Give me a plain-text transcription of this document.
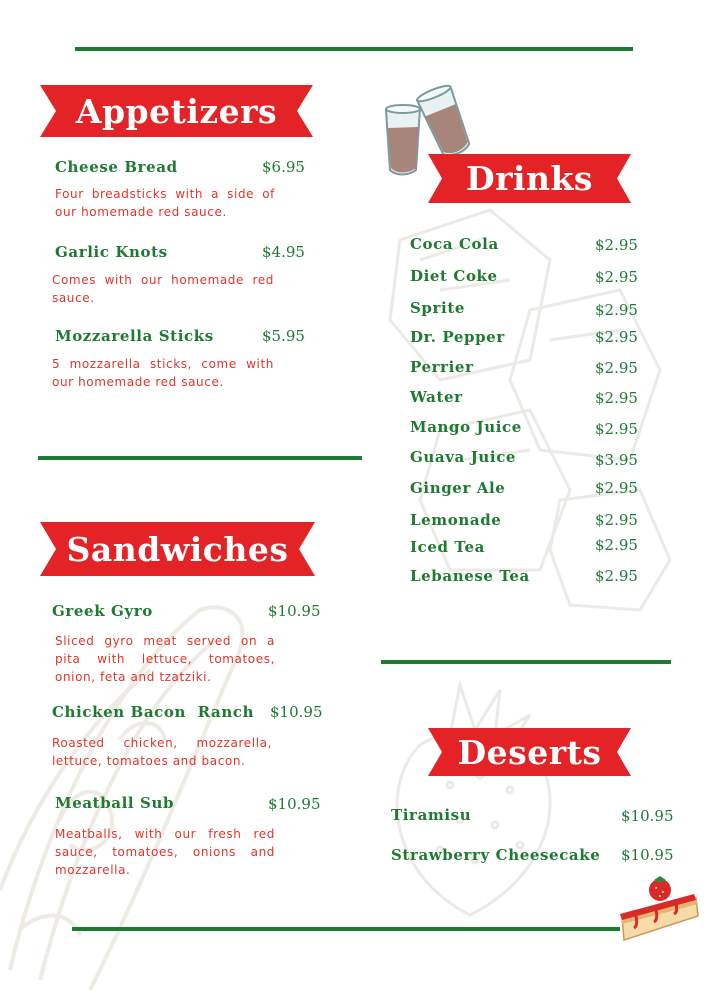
Appetizers
Cheese Bread	$6.95
Four breadsticks with a side of our homemade red sauce.
Garlic Knots	$4.95
Comes with our homemade red sauce.
Mozzarella Sticks	$5.95
5 mozzarella sticks, come with our homemade red sauce.
Sandwiches
Greek Gyro	$10.95
Sliced gyro meat served on a pita with lettuce, tomatoes, onion, feta and tzatziki.
Chicken Bacon  Ranch $10.95
Roasted chicken, mozzarella, lettuce, tomatoes and bacon.
Meatball Sub	$10.95
Meatballs, with our fresh red sauce, tomatoes, onions and mozzarella.
Drinks
Coca Cola	$2.95
Diet Coke	$2.95
Sprite	$2.95
Dr. Pepper	$2.95
Perrier	$2.95
Water	$2.95
Mango Juice	$2.95
Guava Juice	$3.95
Ginger Ale	$2.95
Lemonade	$2.95
Iced Tea	$2.95
Lebanese Tea	$2.95
Deserts
Tiramisu	$10.95
Strawberry Cheesecake $10.95
